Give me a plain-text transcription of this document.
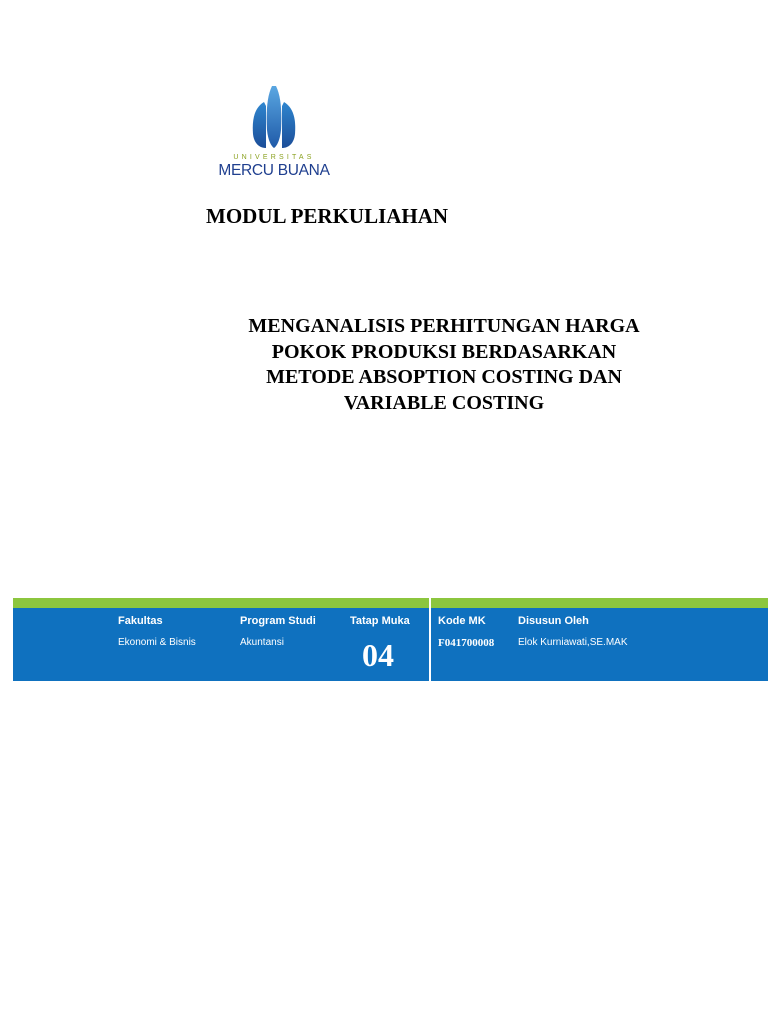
UNIVERSITAS
MERCU BUANA
MODUL PERKULIAHAN
MENGANALISIS PERHITUNGAN HARGA
POKOK PRODUKSI BERDASARKAN
METODE ABSOPTION COSTING DAN
VARIABLE COSTING
Fakultas
Ekonomi & Bisnis
Program Studi
Akuntansi
Tatap Muka
04
Kode MK
F041700008
Disusun Oleh
Elok Kurniawati,SE.MAK
